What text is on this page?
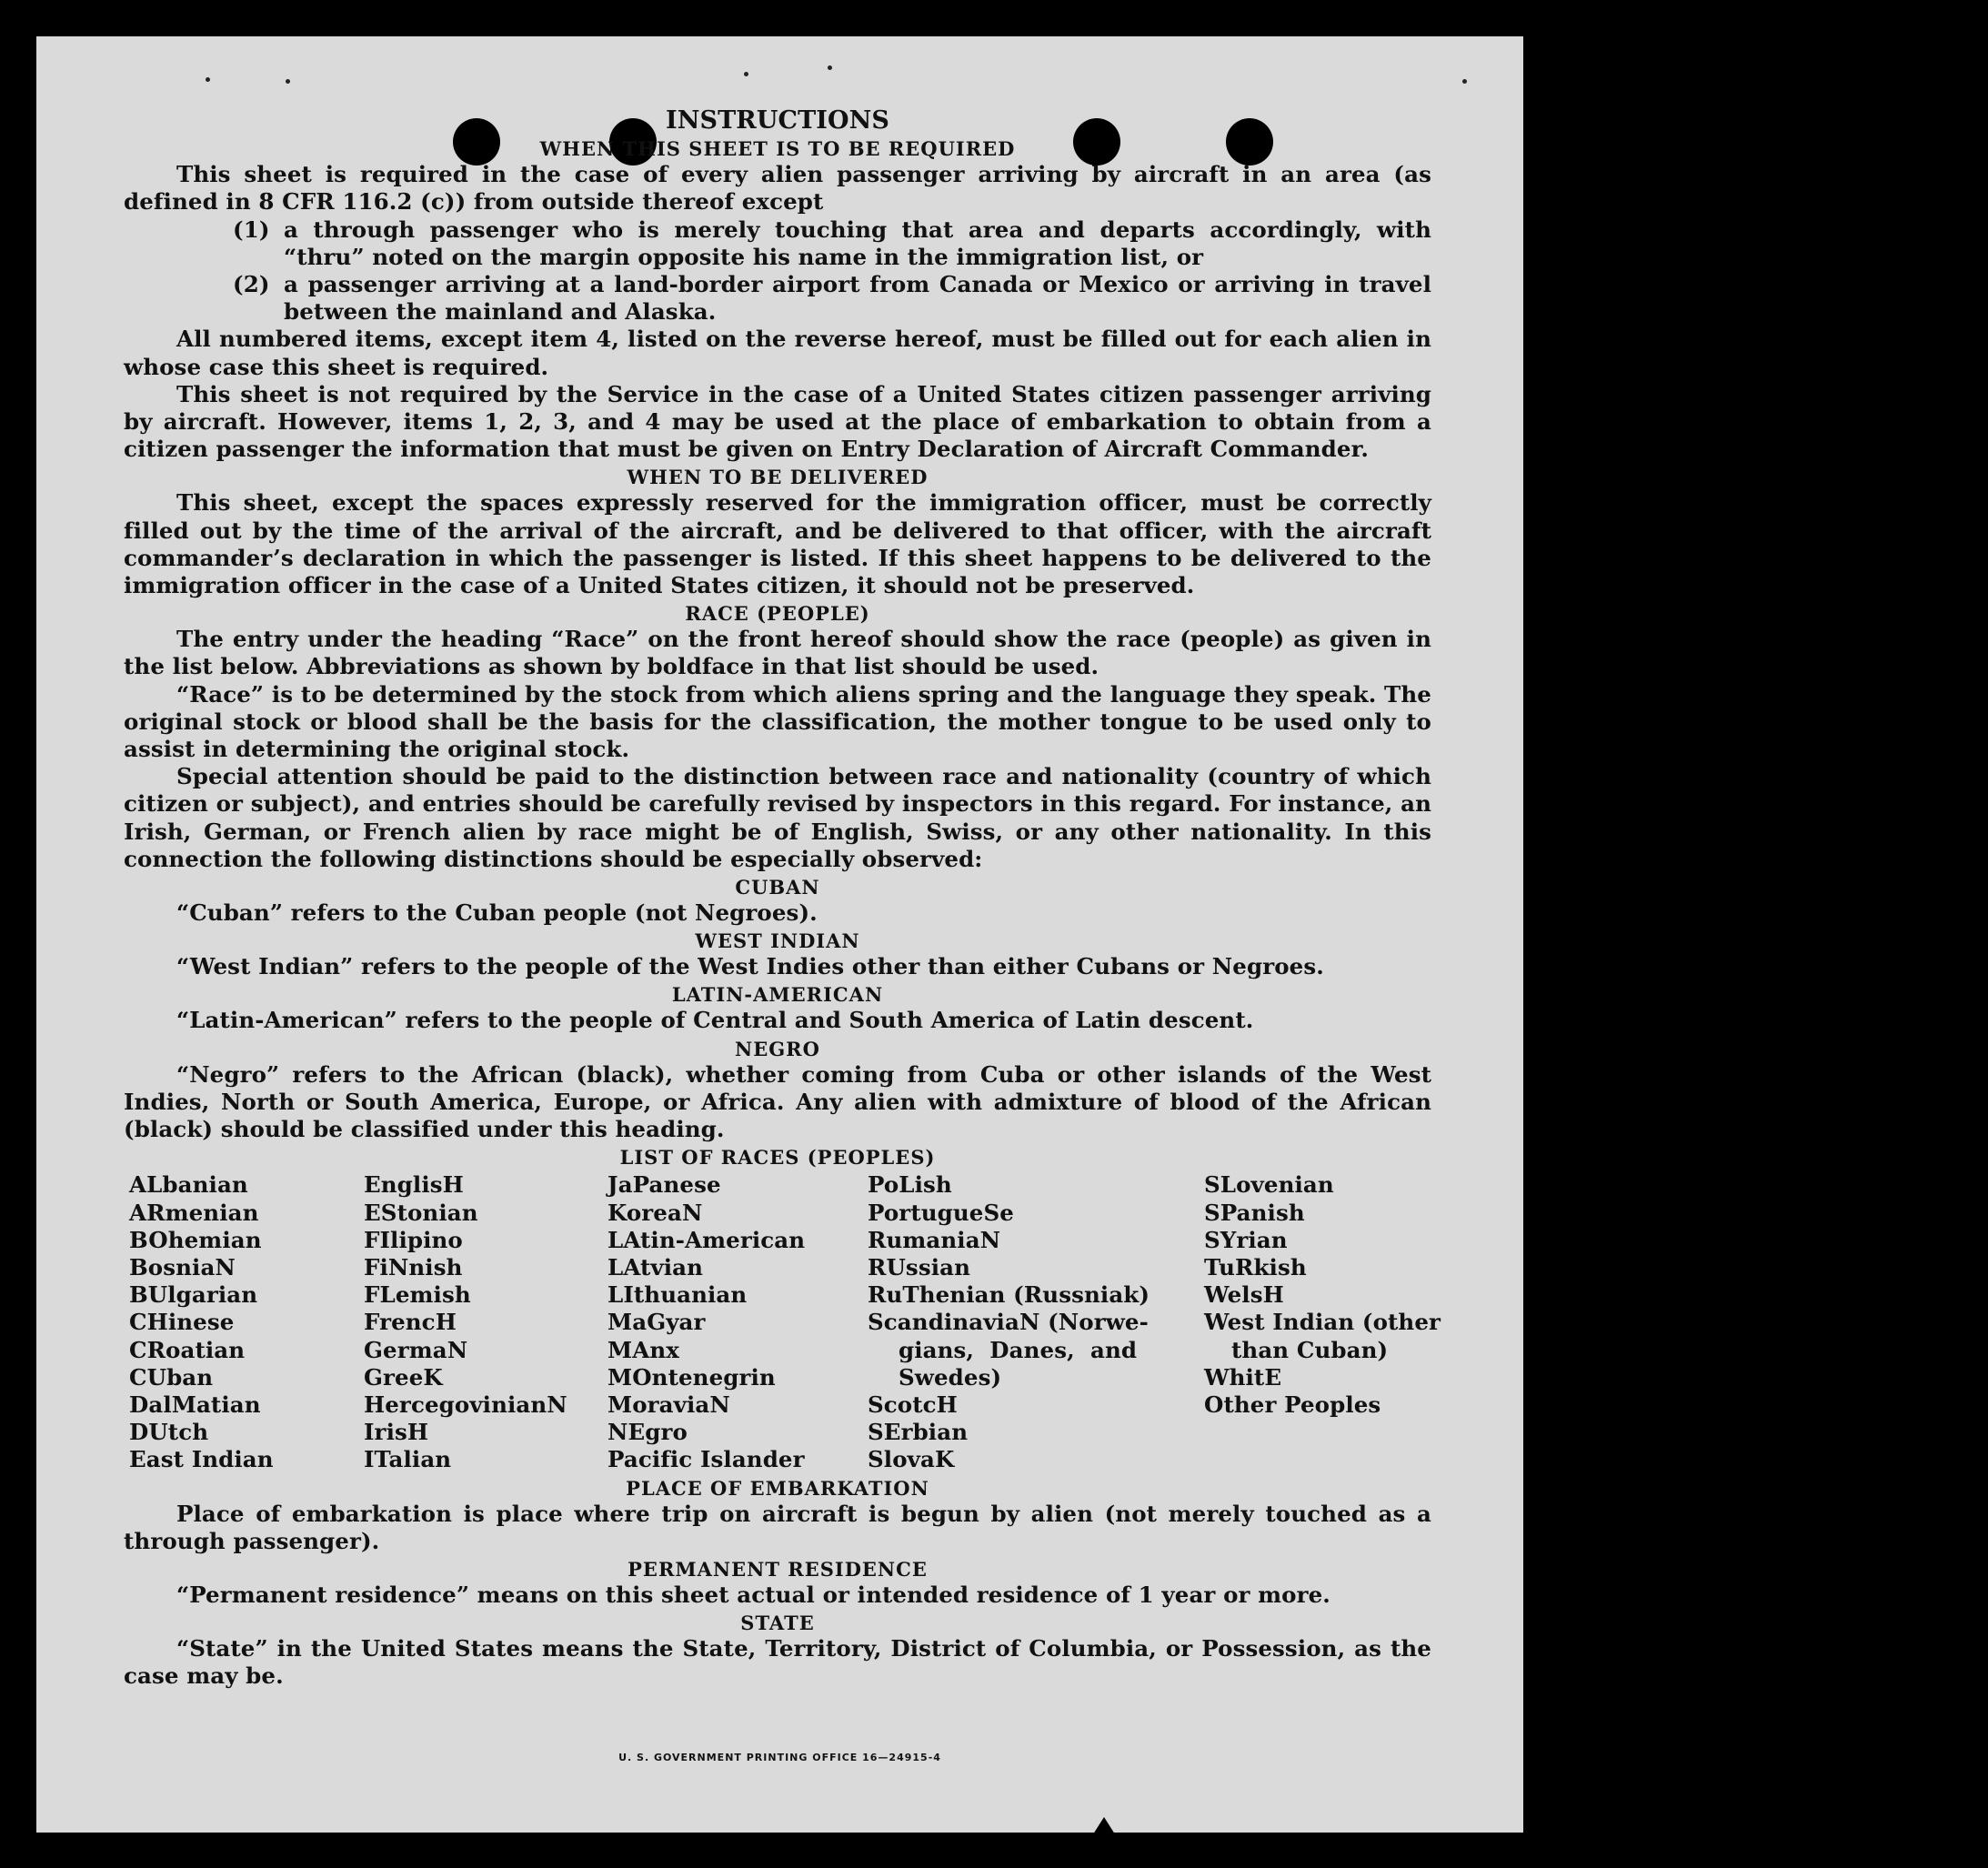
INSTRUCTIONS
WHEN THIS SHEET IS TO BE REQUIRED

This sheet is required in the case of every alien passenger arriving by aircraft in an area (as defined in 8 CFR 116.2 (c)) from outside thereof except

(1) a through passenger who is merely touching that area and departs accordingly, with “thru” noted on the margin opposite his name in the immigration list, or
(2) a passenger arriving at a land-border airport from Canada or Mexico or arriving in travel between the mainland and Alaska.

All numbered items, except item 4, listed on the reverse hereof, must be filled out for each alien in whose case this sheet is required.

This sheet is not required by the Service in the case of a United States citizen passenger arriving by aircraft. However, items 1, 2, 3, and 4 may be used at the place of embarkation to obtain from a citizen passenger the information that must be given on Entry Declaration of Aircraft Commander.

WHEN TO BE DELIVERED

This sheet, except the spaces expressly reserved for the immigration officer, must be correctly filled out by the time of the arrival of the aircraft, and be delivered to that officer, with the aircraft commander’s declaration in which the passenger is listed. If this sheet happens to be delivered to the immigration officer in the case of a United States citizen, it should not be preserved.

RACE (PEOPLE)

The entry under the heading “Race” on the front hereof should show the race (people) as given in the list below. Abbreviations as shown by boldface in that list should be used.

“Race” is to be determined by the stock from which aliens spring and the language they speak. The original stock or blood shall be the basis for the classification, the mother tongue to be used only to assist in determining the original stock.

Special attention should be paid to the distinction between race and nationality (country of which citizen or subject), and entries should be carefully revised by inspectors in this regard. For instance, an Irish, German, or French alien by race might be of English, Swiss, or any other nationality. In this connection the following distinctions should be especially observed:

CUBAN

“Cuban” refers to the Cuban people (not Negroes).

WEST INDIAN

“West Indian” refers to the people of the West Indies other than either Cubans or Negroes.

LATIN-AMERICAN

“Latin-American” refers to the people of Central and South America of Latin descent.

NEGRO

“Negro” refers to the African (black), whether coming from Cuba or other islands of the West Indies, North or South America, Europe, or Africa. Any alien with admixture of blood of the African (black) should be classified under this heading.

LIST OF RACES (PEOPLES)
ALbanian
ARmenian
BOhemian
BosniaN
BUlgarian
CHinese
CRoatian
CUban
DalMatian
DUtch
East Indian
EnglisH
EStonian
FIlipino
FiNnish
FLemish
FrencH
GermaN
GreeK
HercegovinianN
IrisH
ITalian
JaPanese
KoreaN
LAtin-American
LAtvian
LIthuanian
MaGyar
MAnx
MOntenegrin
MoraviaN
NEgro
Pacific Islander
PoLish
PortugueSe
RumaniaN
RUssian
RuThenian (Russniak)
ScandinaviaN (Norwe-
gians,  Danes,  and
Swedes)
ScotcH
SErbian
SlovaK
SLovenian
SPanish
SYrian
TuRkish
WelsH
West Indian (other
than Cuban)
WhitE
Other Peoples
PLACE OF EMBARKATION

Place of embarkation is place where trip on aircraft is begun by alien (not merely touched as a through passenger).

PERMANENT RESIDENCE

“Permanent residence” means on this sheet actual or intended residence of 1 year or more.

STATE

“State” in the United States means the State, Territory, District of Columbia, or Possession, as the case may be.

U. S. GOVERNMENT PRINTING OFFICE 16—24915-4
